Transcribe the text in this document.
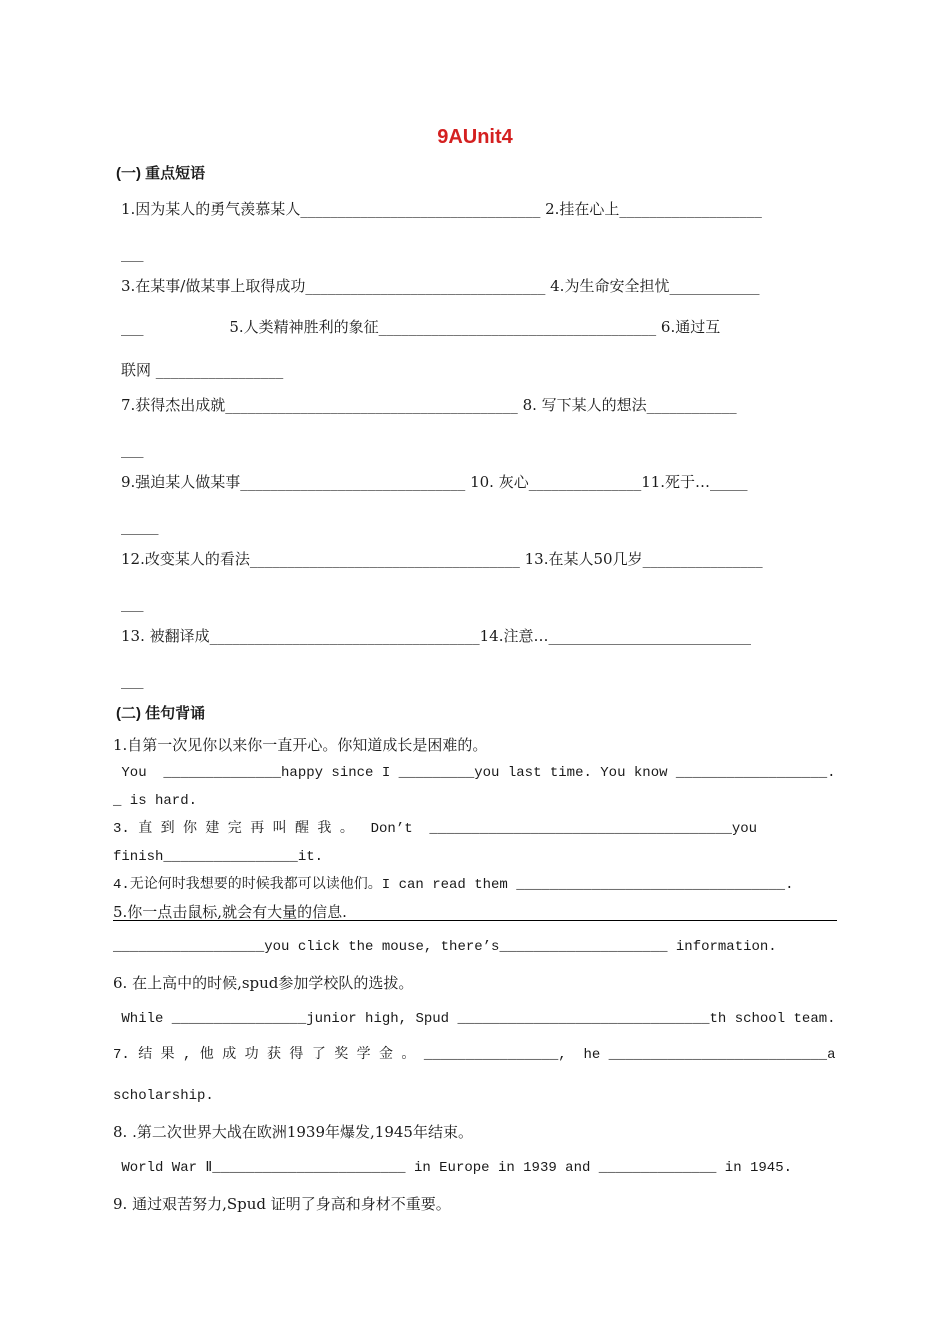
9AUnit4
(一) 重点短语
1.因为某人的勇气羡慕某人________________________________ 2.挂在心上___________________
___
3.在某事/做某事上取得成功________________________________ 4.为生命安全担忧____________
___                  5.人类精神胜利的象征_____________________________________ 6.通过互
联网 _________________
7.获得杰出成就_______________________________________ 8. 写下某人的想法____________
___
9.强迫某人做某事______________________________ 10. 灰心_______________11.死于…_____
_____
12.改变某人的看法____________________________________ 13.在某人50几岁________________
___
13. 被翻译成____________________________________14.注意…___________________________
___
(二) 佳句背诵
1.自第一次见你以来你一直开心。你知道成长是困难的。
You  ______________happy since I _________you last time. You know __________________.
_ is hard.
3. 直 到 你 建 完 再 叫 醒 我 。  Don’t  ____________________________________you
finish________________it.
4.无论何时我想要的时候我都可以读他们。I can read them ________________________________.
5.你一点击鼠标,就会有大量的信息.
__________________you click the mouse, there’s____________________ information.
6. 在上高中的时候,spud参加学校队的选拔。
While ________________junior high, Spud ______________________________th school team.
7. 结 果 , 他 成 功 获 得 了 奖 学 金 。 ________________,  he __________________________a
scholarship.
8. .第二次世界大战在欧洲1939年爆发,1945年结束。
World War Ⅱ_______________________ in Europe in 1939 and ______________ in 1945.
9. 通过艰苦努力,Spud 证明了身高和身材不重要。
